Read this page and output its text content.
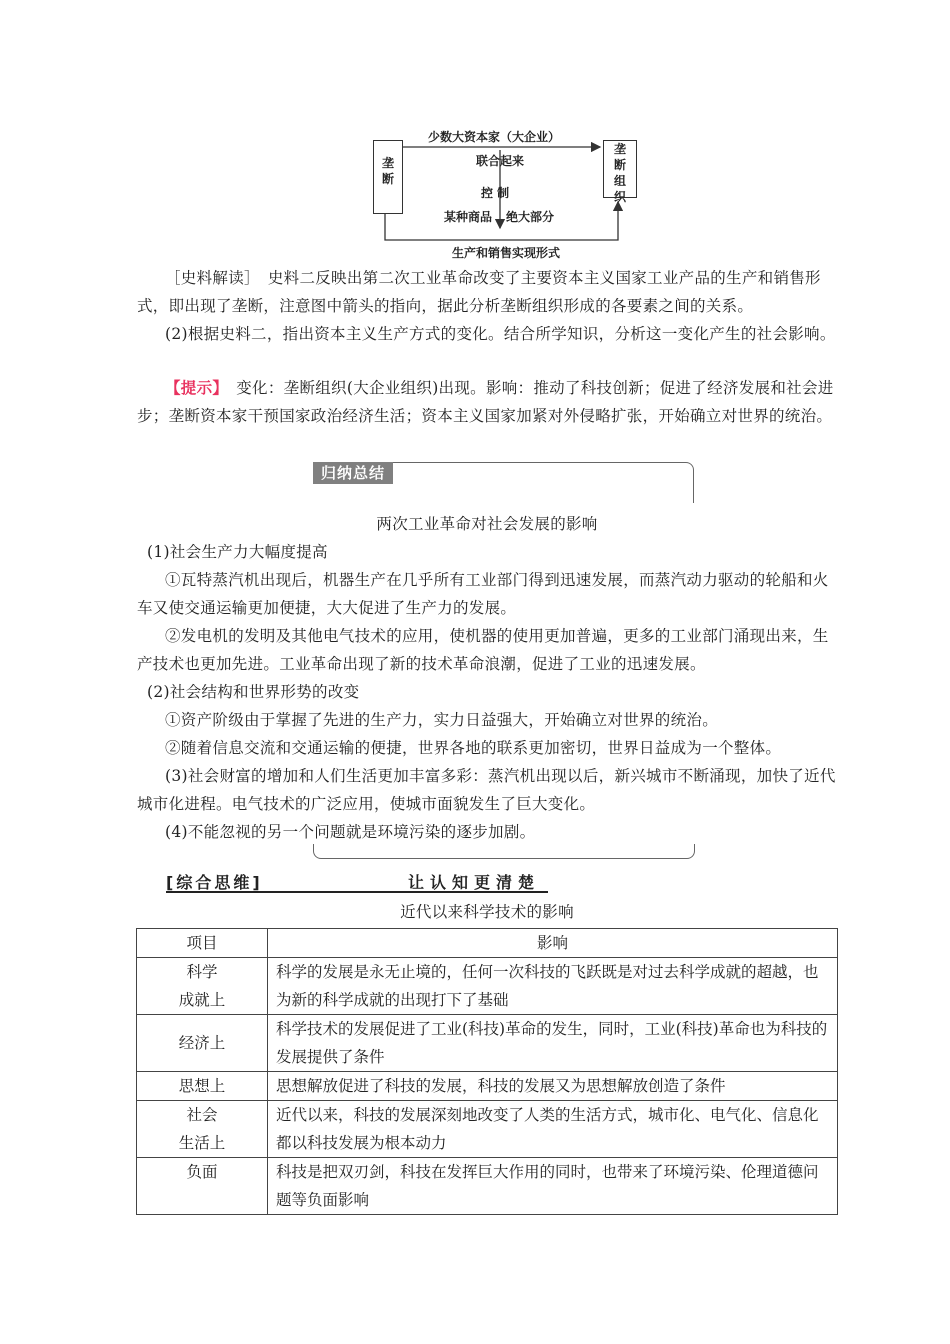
垄
断
垄
断
组
织
少数大资本家（大企业）
联合起来
控 制
某种商品 绝大部分
生产和销售实现形式
［史料解读］　史料二反映出第二次工业革命改变了主要资本主义国家工业产品的生产和销售形式，即出现了垄断，注意图中箭头的指向，据此分析垄断组织形成的各要素之间的关系。
(2)根据史料二，指出资本主义生产方式的变化。结合所学知识，分析这一变化产生的社会影响。
【提示】　变化：垄断组织(大企业组织)出现。影响：推动了科技创新；促进了经济发展和社会进步；垄断资本家干预国家政治经济生活；资本主义国家加紧对外侵略扩张，开始确立对世界的统治。
归纳总结
两次工业革命对社会发展的影响
(1)社会生产力大幅度提高
①瓦特蒸汽机出现后，机器生产在几乎所有工业部门得到迅速发展，而蒸汽动力驱动的轮船和火车又使交通运输更加便捷，大大促进了生产力的发展。
②发电机的发明及其他电气技术的应用，使机器的使用更加普遍，更多的工业部门涌现出来，生产技术也更加先进。工业革命出现了新的技术革命浪潮，促进了工业的迅速发展。
(2)社会结构和世界形势的改变
①资产阶级由于掌握了先进的生产力，实力日益强大，开始确立对世界的统治。
②随着信息交流和交通运输的便捷，世界各地的联系更加密切，世界日益成为一个整体。
(3)社会财富的增加和人们生活更加丰富多彩：蒸汽机出现以后，新兴城市不断涌现，加快了近代城市化进程。电气技术的广泛应用，使城市面貌发生了巨大变化。
(4)不能忽视的另一个问题就是环境污染的逐步加剧。
[综合思维]	让认知更清楚
近代以来科学技术的影响
项目	影响
科学
成就上	科学的发展是永无止境的，任何一次科技的飞跃既是对过去科学成就的超越，也为新的科学成就的出现打下了基础
经济上	科学技术的发展促进了工业(科技)革命的发生，同时，工业(科技)革命也为科技的发展提供了条件
思想上	思想解放促进了科技的发展，科技的发展又为思想解放创造了条件
社会
生活上	近代以来，科技的发展深刻地改变了人类的生活方式，城市化、电气化、信息化都以科技发展为根本动力
负面	科技是把双刃剑，科技在发挥巨大作用的同时，也带来了环境污染、伦理道德问题等负面影响
